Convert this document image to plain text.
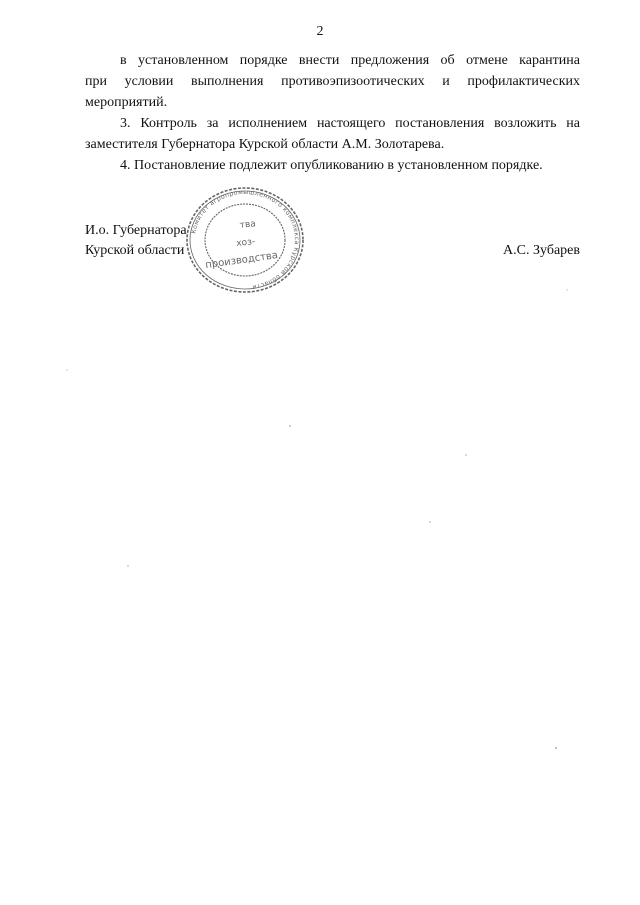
2

в установленном порядке внести предложения об отмене карантина
при условии выполнения противоэпизоотических и профилактических
мероприятий.

3. Контроль за исполнением настоящего постановления возложить на
заместителя Губернатора Курской области А.М. Золотарева.

4. Постановление подлежит опубликованию в установленном порядке.

И.о. Губернатора
Курской области	А.С. Зубарев
Комитет агропромышленного комплекса Курской области
тва
хоз-
производства
